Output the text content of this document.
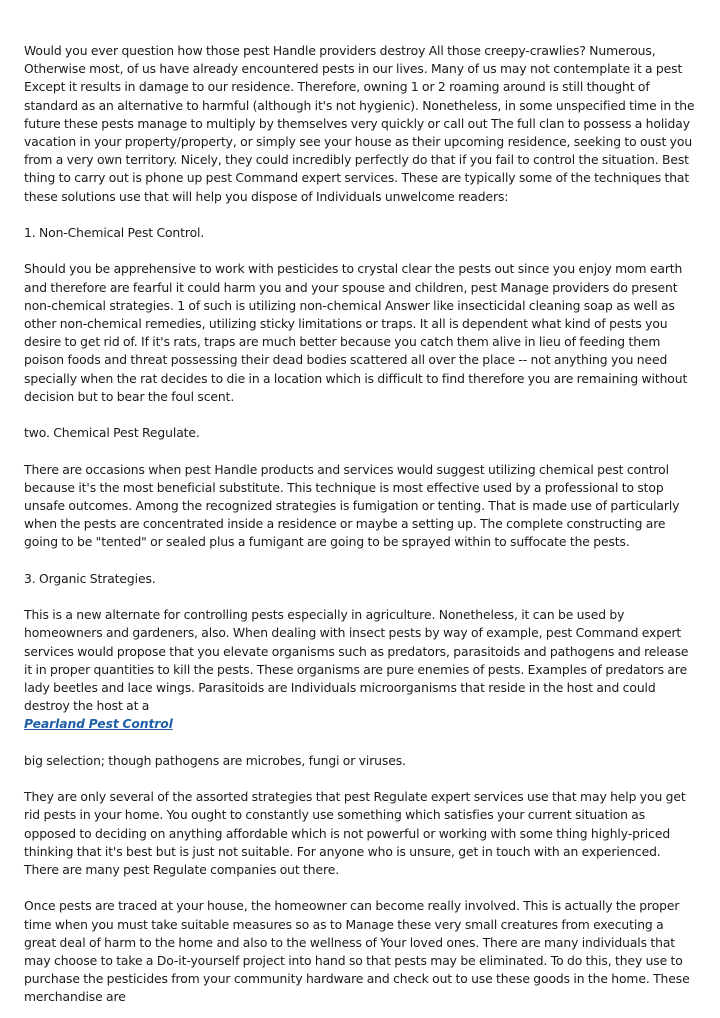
Would you ever question how those pest Handle providers destroy All those creepy-crawlies? Numerous, Otherwise most, of us have already encountered pests in our lives. Many of us may not contemplate it a pest Except it results in damage to our residence. Therefore, owning 1 or 2 roaming around is still thought of standard as an alternative to harmful (although it's not hygienic). Nonetheless, in some unspecified time in the future these pests manage to multiply by themselves very quickly or call out The full clan to possess a holiday vacation in your property/property, or simply see your house as their upcoming residence, seeking to oust you from a very own territory. Nicely, they could incredibly perfectly do that if you fail to control the situation. Best thing to carry out is phone up pest Command expert services. These are typically some of the techniques that these solutions use that will help you dispose of Individuals unwelcome readers:

1. Non-Chemical Pest Control.

Should you be apprehensive to work with pesticides to crystal clear the pests out since you enjoy mom earth and therefore are fearful it could harm you and your spouse and children, pest Manage providers do present non-chemical strategies. 1 of such is utilizing non-chemical Answer like insecticidal cleaning soap as well as other non-chemical remedies, utilizing sticky limitations or traps. It all is dependent what kind of pests you desire to get rid of. If it's rats, traps are much better because you catch them alive in lieu of feeding them poison foods and threat possessing their dead bodies scattered all over the place -- not anything you need specially when the rat decides to die in a location which is difficult to find therefore you are remaining without decision but to bear the foul scent.

two. Chemical Pest Regulate.

There are occasions when pest Handle products and services would suggest utilizing chemical pest control because it's the most beneficial substitute. This technique is most effective used by a professional to stop unsafe outcomes. Among the recognized strategies is fumigation or tenting. That is made use of particularly when the pests are concentrated inside a residence or maybe a setting up. The complete constructing are going to be "tented" or sealed plus a fumigant are going to be sprayed within to suffocate the pests.

3. Organic Strategies.

This is a new alternate for controlling pests especially in agriculture. Nonetheless, it can be used by homeowners and gardeners, also. When dealing with insect pests by way of example, pest Command expert services would propose that you elevate organisms such as predators, parasitoids and pathogens and release it in proper quantities to kill the pests. These organisms are pure enemies of pests. Examples of predators are lady beetles and lace wings. Parasitoids are Individuals microorganisms that reside in the host and could destroy the host at a
Pearland Pest Control

big selection; though pathogens are microbes, fungi or viruses.

They are only several of the assorted strategies that pest Regulate expert services use that may help you get rid pests in your home. You ought to constantly use something which satisfies your current situation as opposed to deciding on anything affordable which is not powerful or working with some thing highly-priced thinking that it's best but is just not suitable. For anyone who is unsure, get in touch with an experienced. There are many pest Regulate companies out there.

Once pests are traced at your house, the homeowner can become really involved. This is actually the proper time when you must take suitable measures so as to Manage these very small creatures from executing a great deal of harm to the home and also to the wellness of Your loved ones. There are many individuals that may choose to take a Do-it-yourself project into hand so that pests may be eliminated. To do this, they use to purchase the pesticides from your community hardware and check out to use these goods in the home. These merchandise are
